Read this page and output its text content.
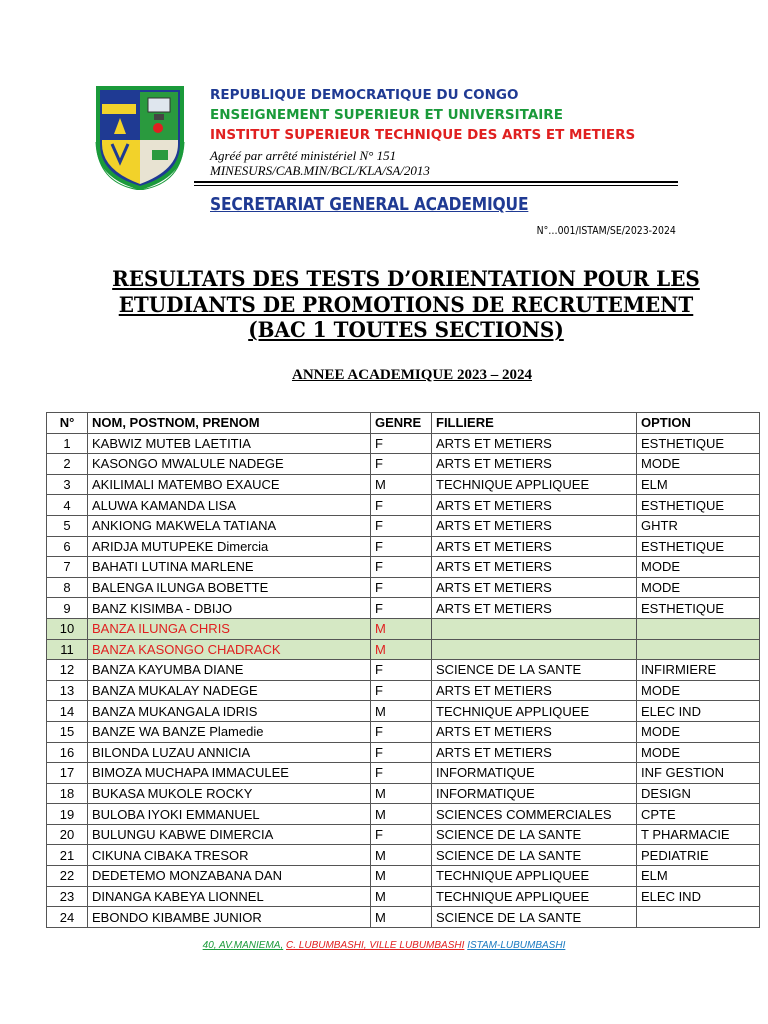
REPUBLIQUE DEMOCRATIQUE DU CONGO
ENSEIGNEMENT SUPERIEUR ET UNIVERSITAIRE
INSTITUT SUPERIEUR TECHNIQUE DES ARTS ET METIERS
Agréé par arrêté ministériel N° 151
MINESURS/CAB.MIN/BCL/KLA/SA/2013
SECRETARIAT GENERAL ACADEMIQUE
N°…001/ISTAM/SE/2023-2024
RESULTATS DES TESTS D’ORIENTATION POUR LES
ETUDIANTS DE PROMOTIONS DE RECRUTEMENT
(BAC 1 TOUTES SECTIONS)
ANNEE ACADEMIQUE 2023 – 2024
N°	NOM, POSTNOM, PRENOM	GENRE	FILLIERE	OPTION
1	KABWIZ MUTEB LAETITIA	F	ARTS ET METIERS	ESTHETIQUE
2	KASONGO MWALULE NADEGE	F	ARTS ET METIERS	MODE
3	AKILIMALI MATEMBO EXAUCE	M	TECHNIQUE APPLIQUEE	ELM
4	ALUWA KAMANDA LISA	F	ARTS ET METIERS	ESTHETIQUE
5	ANKIONG MAKWELA TATIANA	F	ARTS ET METIERS	GHTR
6	ARIDJA MUTUPEKE Dimercia	F	ARTS ET METIERS	ESTHETIQUE
7	BAHATI LUTINA MARLENE	F	ARTS ET METIERS	MODE
8	BALENGA ILUNGA BOBETTE	F	ARTS ET METIERS	MODE
9	BANZ KISIMBA - DBIJO	F	ARTS ET METIERS	ESTHETIQUE
10	BANZA ILUNGA CHRIS	M		
11	BANZA KASONGO CHADRACK	M		
12	BANZA KAYUMBA DIANE	F	SCIENCE DE LA SANTE	INFIRMIERE
13	BANZA MUKALAY NADEGE	F	ARTS ET METIERS	MODE
14	BANZA MUKANGALA IDRIS	M	TECHNIQUE APPLIQUEE	ELEC IND
15	BANZE WA BANZE Plamedie	F	ARTS ET METIERS	MODE
16	BILONDA LUZAU ANNICIA	F	ARTS ET METIERS	MODE
17	BIMOZA MUCHAPA IMMACULEE	F	INFORMATIQUE	INF GESTION
18	BUKASA MUKOLE ROCKY	M	INFORMATIQUE	DESIGN
19	BULOBA IYOKI EMMANUEL	M	SCIENCES COMMERCIALES	CPTE
20	BULUNGU KABWE DIMERCIA	F	SCIENCE DE LA SANTE	T PHARMACIE
21	CIKUNA CIBAKA TRESOR	M	SCIENCE DE LA SANTE	PEDIATRIE
22	DEDETEMO MONZABANA DAN	M	TECHNIQUE APPLIQUEE	ELM
23	DINANGA KABEYA LIONNEL	M	TECHNIQUE APPLIQUEE	ELEC IND
24	EBONDO KIBAMBE JUNIOR	M	SCIENCE DE LA SANTE	
40, AV.MANIEMA, C. LUBUMBASHI, VILLE LUBUMBASHI ISTAM-LUBUMBASHI
